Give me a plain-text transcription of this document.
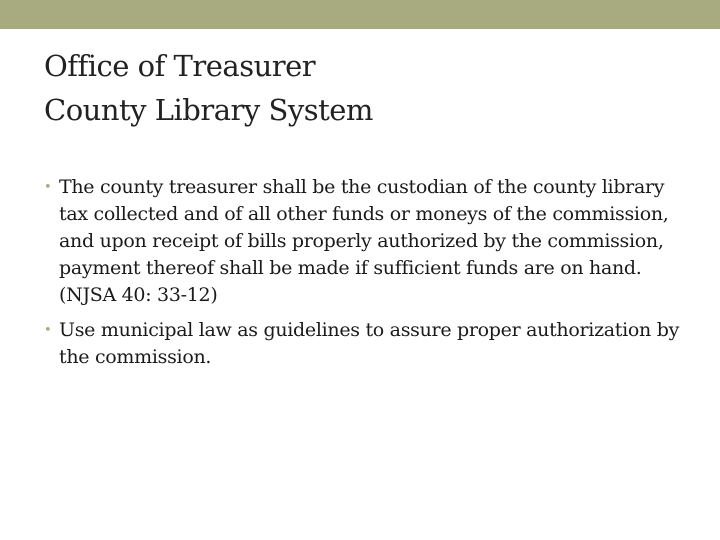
Office of Treasurer
County Library System
• The county treasurer shall be the custodian of the county library tax collected and of all other funds or moneys of the commission, and upon receipt of bills properly authorized by the commission, payment thereof shall be made if sufficient funds are on hand. (NJSA 40: 33-12)
• Use municipal law as guidelines to assure proper authorization by the commission.
